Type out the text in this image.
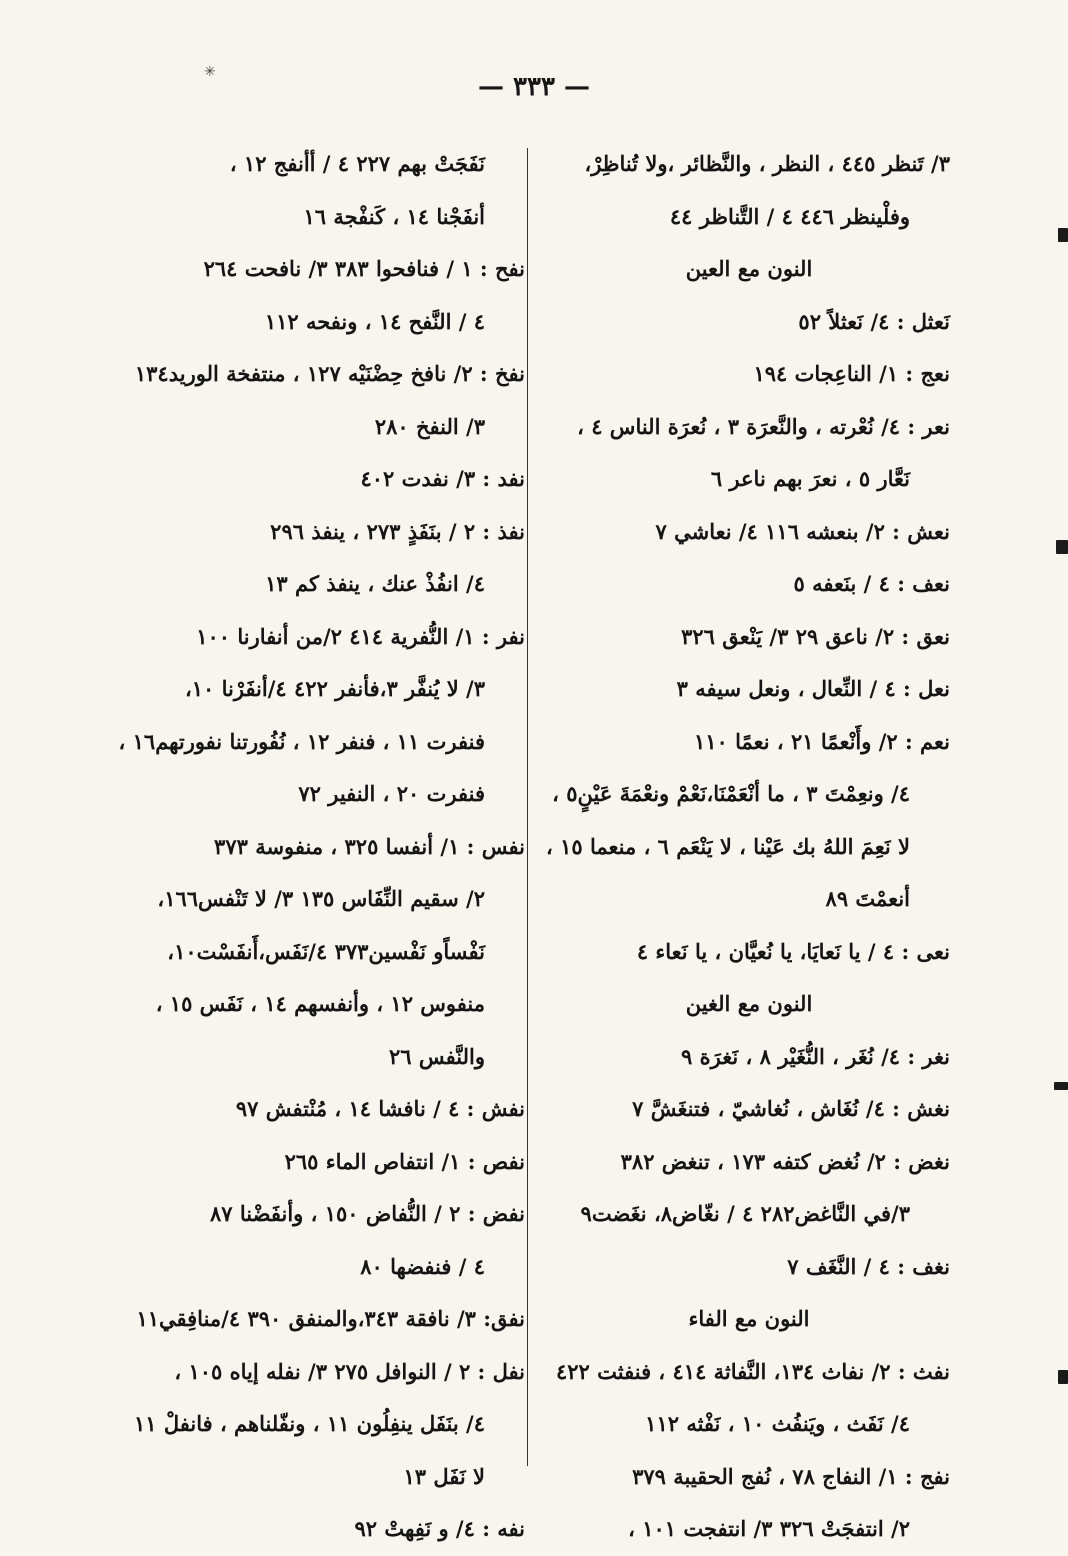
✳	— ٣٣٣ —
٣/ تَنظر ٤٤٥ ، النظر ، والنَّظائر ،ولا تُناظِرْ،
وفلْينظر ٤٤٦ ٤ / التَّناظر ٤٤
النون مع العين
نَعثل : ٤/ نَعثلاً ٥٢
نعج : ١/ الناعِجات ١٩٤
نعر : ٤/ نُعْرته ، والنَّعرَة ٣ ، نُعرَة الناس ٤ ،
نَعَّار ٥ ، نعرَ بهم ناعر ٦
نعش : ٢/ بنعشه ١١٦ ٤/ نعاشي ٧
نعف : ٤ / بنَعفه ٥
نعق : ٢/ ناعق ٢٩ ٣/ يَنْعق ٣٢٦
نعل : ٤ / النِّعال ، ونعل سيفه ٣
نعم : ٢/ وأَنْعمًا ٢١ ، نعمًا ١١٠
٤/ ونعِمْتَ ٣ ، ما أنْعَمْنَا،نَعْمْ ونعْمَةَ عَيْنٍ٥ ،
لا نَعِمَ اللهُ بك عَيْنا ، لا يَنْعَم ٦ ، منعما ١٥ ،
أنعمْتَ ٨٩
نعى : ٤ / يا نَعايَا، يا نُعيَّان ، يا نَعاء ٤
النون مع الغين
نغر : ٤/ نُغَر ، النُّغَيْر ٨ ، نَغرَة ٩
نغش : ٤/ نُغَاش ، نُغاشيّ ، فتنغَشَّ ٧
نغض : ٢/ نُغض كتفه ١٧٣ ، تنغض ٣٨٢
٣/في النَّاغض٢٨٢ ٤ / نغّاض٨، نغَضت٩
نغف : ٤ / النَّغَف ٧
النون مع الفاء
نفث : ٢/ نفاث ١٣٤، النَّفاثة ٤١٤ ، فنفثت ٤٢٢
٤/ نَفَث ، ويَنفُث ١٠ ، نَفْثه ١١٢
نفج : ١/ النفاج ٧٨ ، نُفج الحقيبة ٣٧٩
٢/ انتفجَتْ ٣٢٦ ٣/ انتفجت ١٠١ ،
نَفَجَتْ بهم ٢٢٧ ٤ / أأنفج ١٢ ،
أنفَجْنا ١٤ ، كَنفْجة ١٦
نفح : ١ / فنافحوا ٣٨٣ ٣/ نافحت ٢٦٤
٤ / النَّفح ١٤ ، ونفحه ١١٢
نفخ : ٢/ نافخ حِضْنَيْه ١٢٧ ، منتفخة الوريد١٣٤
٣/ النفخ ٢٨٠
نفد : ٣/ نفدت ٤٠٢
نفذ : ٢ / بنَفَذٍ ٢٧٣ ، ينفذ ٢٩٦
٤/ انفُذْ عنك ، ينفذ كم ١٣
نفر : ١/ النُّفرية ٤١٤ ٢/من أنفارنا ١٠٠
٣/ لا يُنفَّر ٣،فأنفر ٤٢٢ ٤/أنفَرْنا ١٠،
فنفرت ١١ ، فنفر ١٢ ، نُفُورتنا نفورتهم١٦ ،
فنفرت ٢٠ ، النفير ٧٢
نفس : ١/ أنفسا ٣٢٥ ، منفوسة ٣٧٣
٢/ سقيم النِّفَاس ١٣٥ ٣/ لا تَنْفس١٦٦،
نَفْساًو نَفْسين٣٧٣ ٤/نَفَس،أَنفَسْت١٠،
منفوس ١٢ ، وأنفسهم ١٤ ، نَفَس ١٥ ،
والنَّفس ٢٦
نفش : ٤ / نافشا ١٤ ، مُنْتفش ٩٧
نفص : ١/ انتفاص الماء ٢٦٥
نفض : ٢ / النُّفاض ١٥٠ ، وأنفَضْنا ٨٧
٤ / فنفضها ٨٠
نفق: ٣/ نافقة ٣٤٣،والمنفق ٣٩٠ ٤/منافِقي١١
نفل : ٢ / النوافل ٢٧٥ ٣/ نفله إياه ١٠٥ ،
٤/ بنَفَل ينفِلُون ١١ ، ونفّلناهم ، فانفلْ ١١
لا نَفَل ١٣
نفه : ٤/ و نَفِهتْ ٩٢
